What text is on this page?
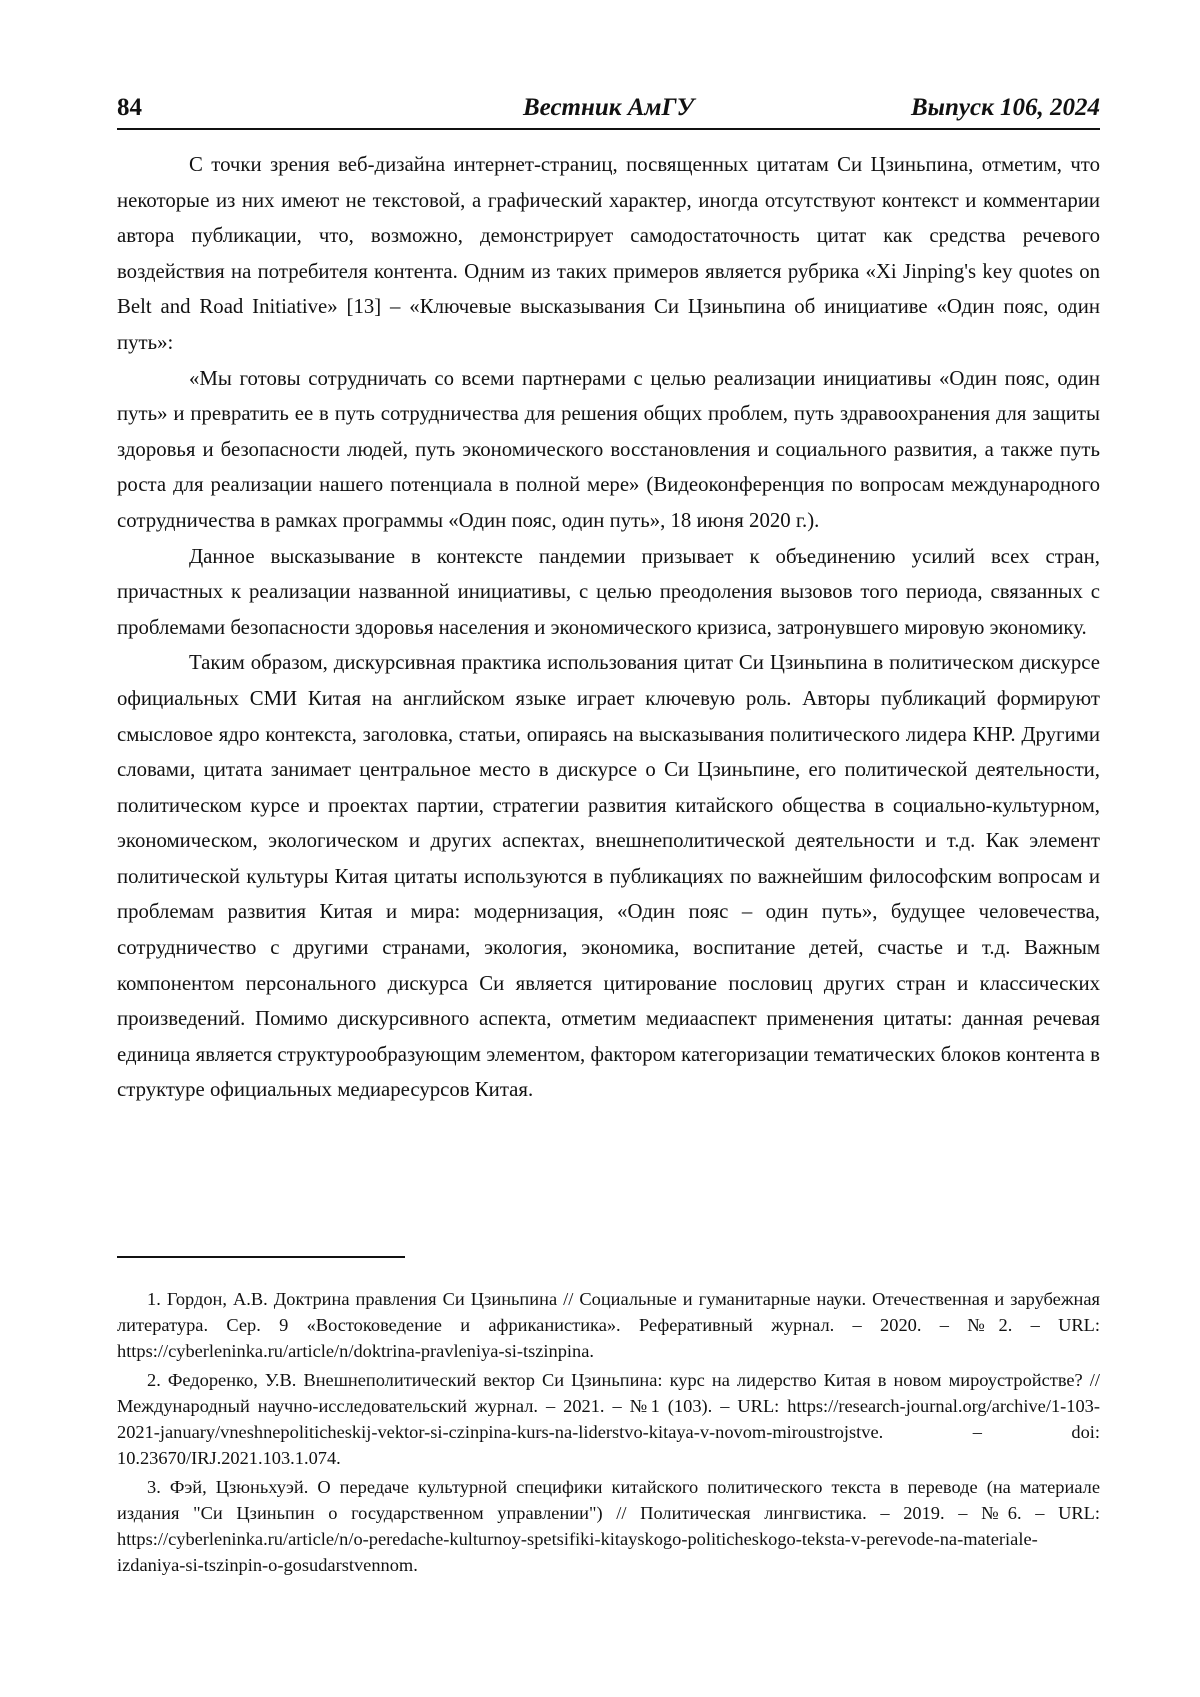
Вестник АмГУ
84	Выпуск 106, 2024

С точки зрения веб-дизайна интернет-страниц, посвященных цитатам Си Цзиньпина, отметим, что некоторые из них имеют не текстовой, а графический характер, иногда отсутствуют контекст и комментарии автора публикации, что, возможно, демонстрирует самодостаточность цитат как средства речевого воздействия на потребителя контента. Одним из таких примеров является рубрика «Xi Jinping's key quotes on Belt and Road Initiative» [13] – «Ключевые высказывания Си Цзиньпина об инициативе «Один пояс, один путь»:

«Мы готовы сотрудничать со всеми партнерами с целью реализации инициативы «Один пояс, один путь» и превратить ее в путь сотрудничества для решения общих проблем, путь здравоохранения для защиты здоровья и безопасности людей, путь экономического восстановления и социального развития, а также путь роста для реализации нашего потенциала в полной мере» (Видеоконференция по вопросам международного сотрудничества в рамках программы «Один пояс, один путь», 18 июня 2020 г.).

Данное высказывание в контексте пандемии призывает к объединению усилий всех стран, причастных к реализации названной инициативы, с целью преодоления вызовов того периода, связанных с проблемами безопасности здоровья населения и экономического кризиса, затронувшего мировую экономику.

Таким образом, дискурсивная практика использования цитат Си Цзиньпина в политическом дискурсе официальных СМИ Китая на английском языке играет ключевую роль. Авторы публикаций формируют смысловое ядро контекста, заголовка, статьи, опираясь на высказывания политического лидера КНР. Другими словами, цитата занимает центральное место в дискурсе о Си Цзиньпине, его политической деятельности, политическом курсе и проектах партии, стратегии развития китайского общества в социально-культурном, экономическом, экологическом и других аспектах, внешнеполитической деятельности и т.д. Как элемент политической культуры Китая цитаты используются в публикациях по важнейшим философским вопросам и проблемам развития Китая и мира: модернизация, «Один пояс – один путь», будущее человечества, сотрудничество с другими странами, экология, экономика, воспитание детей, счастье и т.д. Важным компонентом персонального дискурса Си является цитирование пословиц других стран и классических произведений. Помимо дискурсивного аспекта, отметим медиааспект применения цитаты: данная речевая единица является структурообразующим элементом, фактором категоризации тематических блоков контента в структуре официальных медиаресурсов Китая.

1. Гордон, А.В. Доктрина правления Си Цзиньпина // Социальные и гуманитарные науки. Отечественная и зарубежная литература. Сер. 9 «Востоковедение и африканистика». Реферативный журнал. – 2020. – №2. – URL: https://cyberleninka.ru/article/n/doktrina-pravleniya-si-tszinpina.

2. Федоренко, У.В. Внешнеполитический вектор Си Цзиньпина: курс на лидерство Китая в новом мироустройстве? // Международный научно-исследовательский журнал. – 2021. – №1 (103). – URL: https://research-journal.org/archive/1-103-2021-january/vneshnepoliticheskij-vektor-si-czinpina-kurs-na-liderstvo-kitaya-v-novom-miroustrojstve. – doi: 10.23670/IRJ.2021.103.1.074.

3. Фэй, Цзюньхуэй. О передаче культурной специфики китайского политического текста в переводе (на материале издания "Си Цзиньпин о государственном управлении") // Политическая лингвистика. – 2019. – №6. – URL: https://cyberleninka.ru/article/n/o-peredache-kulturnoy-spetsifiki-kitayskogo-politicheskogo-teksta-v-perevode-na-materiale-izdaniya-si-tszinpin-o-gosudarstvennom.
